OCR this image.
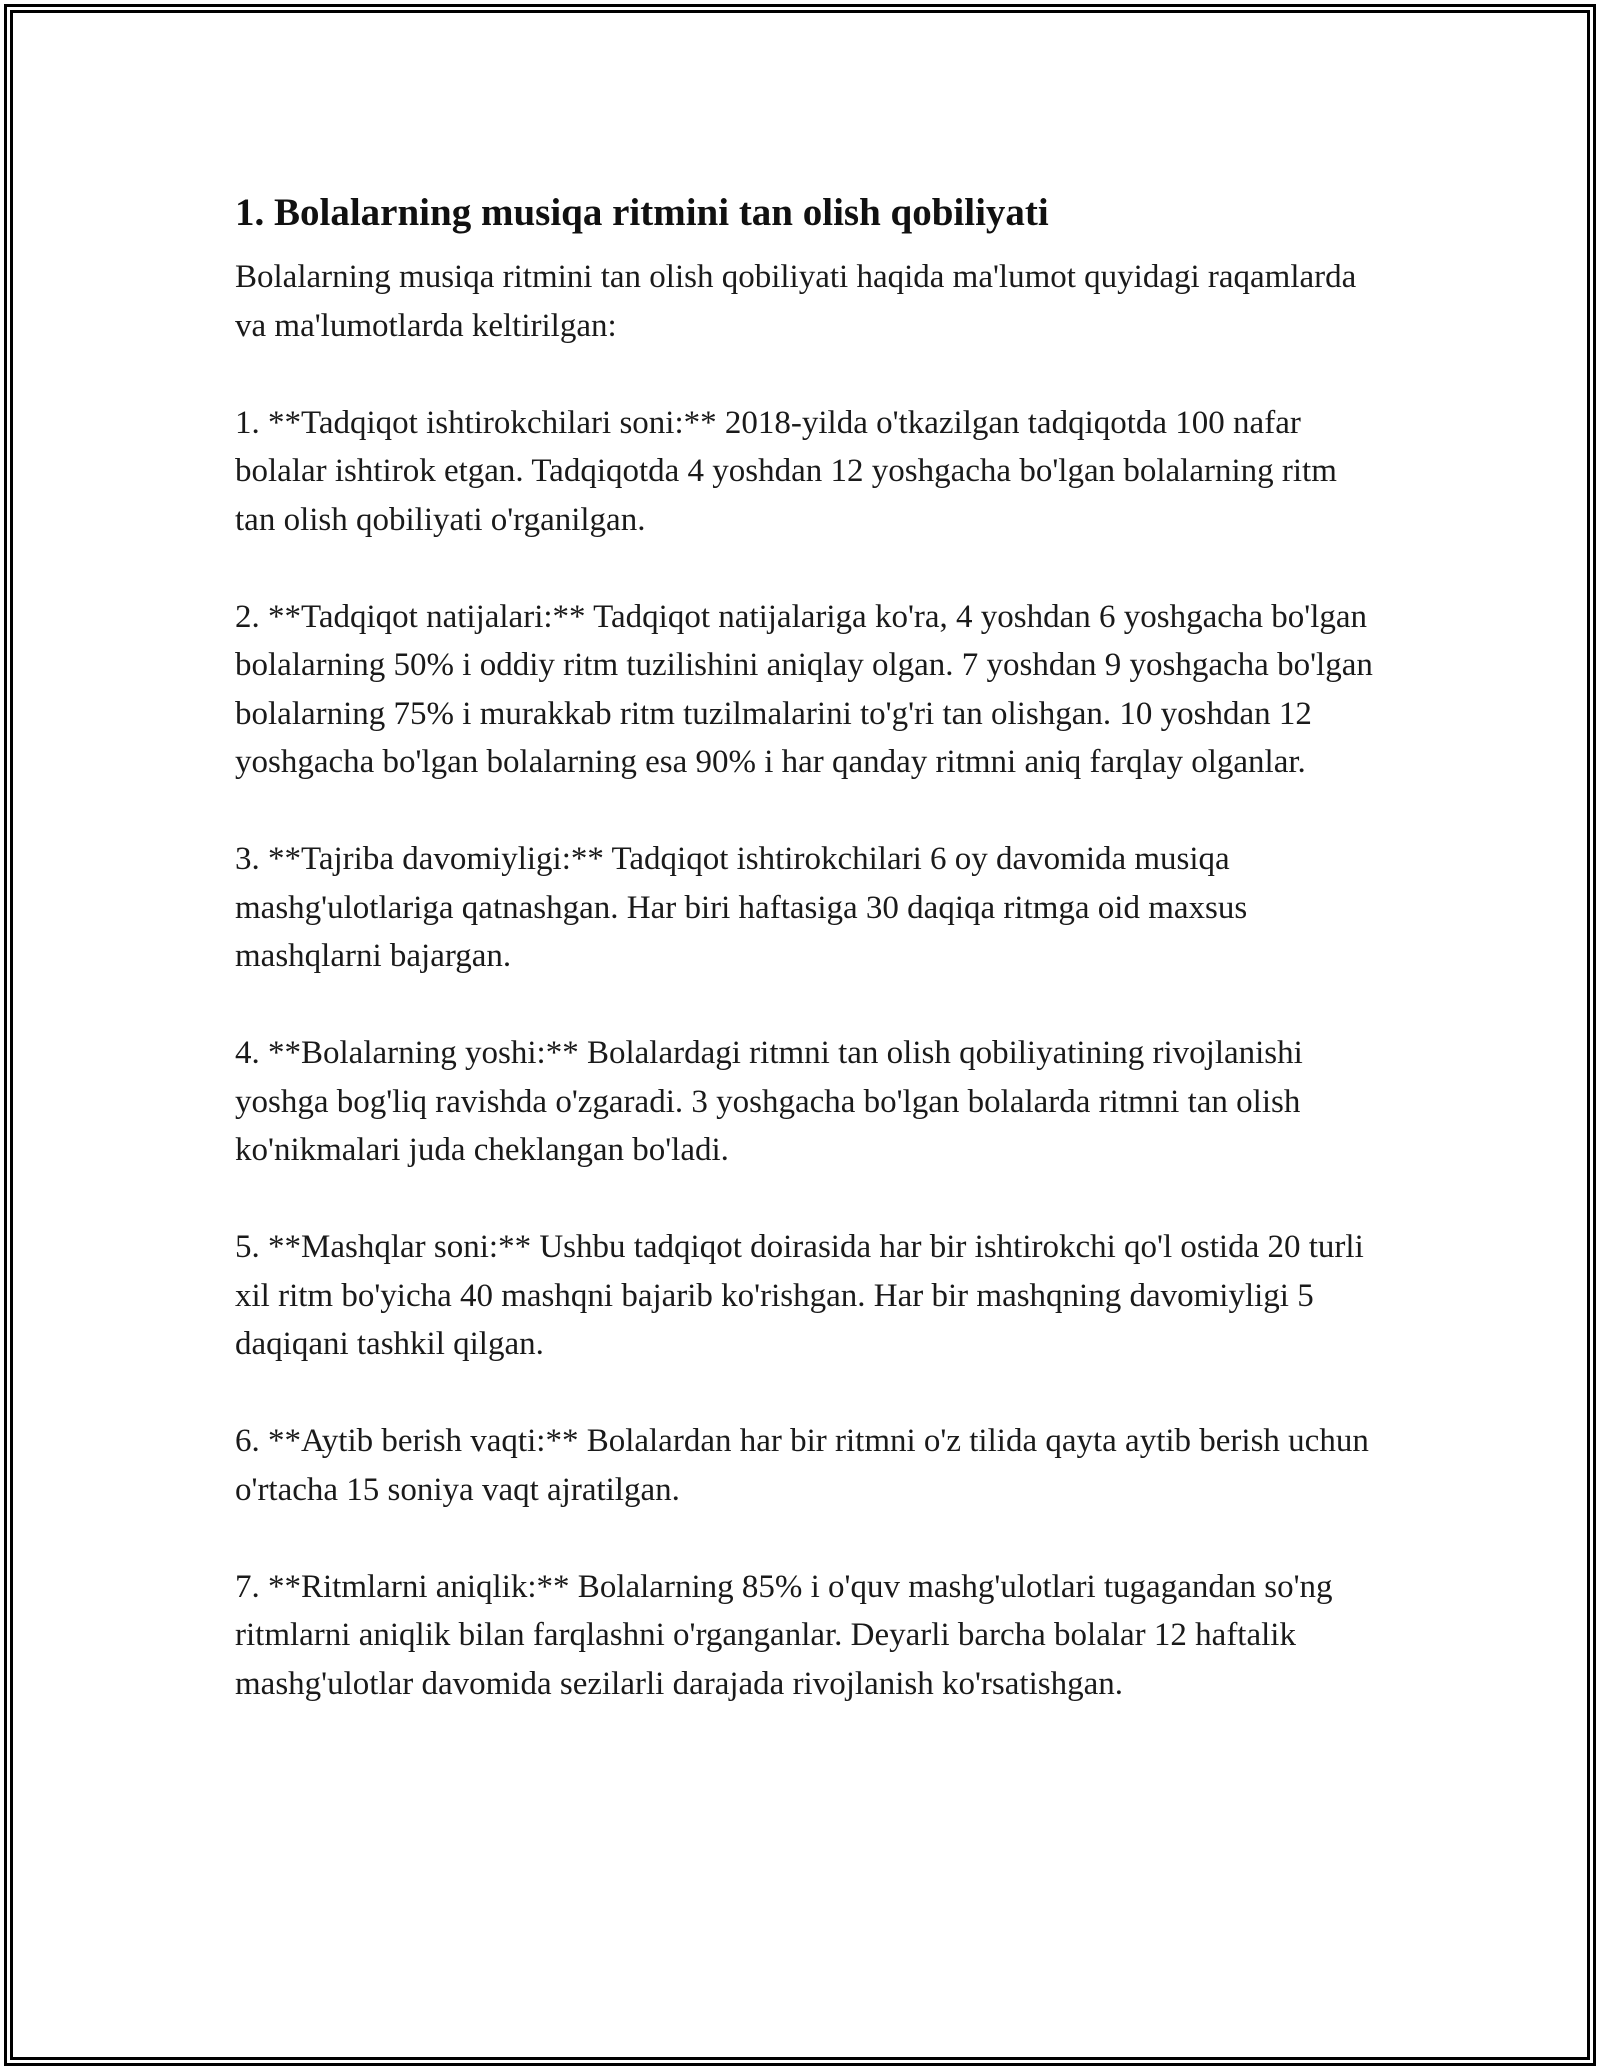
1. Bolalarning musiqa ritmini tan olish qobiliyati

Bolalarning musiqa ritmini tan olish qobiliyati haqida ma'lumot quyidagi raqamlarda va ma'lumotlarda keltirilgan:

1. **Tadqiqot ishtirokchilari soni:** 2018-yilda o'tkazilgan tadqiqotda 100 nafar bolalar ishtirok etgan. Tadqiqotda 4 yoshdan 12 yoshgacha bo'lgan bolalarning ritm tan olish qobiliyati o'rganilgan.

2. **Tadqiqot natijalari:** Tadqiqot natijalariga ko'ra, 4 yoshdan 6 yoshgacha bo'lgan bolalarning 50% i oddiy ritm tuzilishini aniqlay olgan. 7 yoshdan 9 yoshgacha bo'lgan bolalarning 75% i murakkab ritm tuzilmalarini to'g'ri tan olishgan. 10 yoshdan 12 yoshgacha bo'lgan bolalarning esa 90% i har qanday ritmni aniq farqlay olganlar.

3. **Tajriba davomiyligi:** Tadqiqot ishtirokchilari 6 oy davomida musiqa mashg'ulotlariga qatnashgan. Har biri haftasiga 30 daqiqa ritmga oid maxsus mashqlarni bajargan.

4. **Bolalarning yoshi:** Bolalardagi ritmni tan olish qobiliyatining rivojlanishi yoshga bog'liq ravishda o'zgaradi. 3 yoshgacha bo'lgan bolalarda ritmni tan olish ko'nikmalari juda cheklangan bo'ladi.

5. **Mashqlar soni:** Ushbu tadqiqot doirasida har bir ishtirokchi qo'l ostida 20 turli xil ritm bo'yicha 40 mashqni bajarib ko'rishgan. Har bir mashqning davomiyligi 5 daqiqani tashkil qilgan.

6. **Aytib berish vaqti:** Bolalardan har bir ritmni o'z tilida qayta aytib berish uchun o'rtacha 15 soniya vaqt ajratilgan.

7. **Ritmlarni aniqlik:** Bolalarning 85% i o'quv mashg'ulotlari tugagandan so'ng ritmlarni aniqlik bilan farqlashni o'rganganlar. Deyarli barcha bolalar 12 haftalik mashg'ulotlar davomida sezilarli darajada rivojlanish ko'rsatishgan.
